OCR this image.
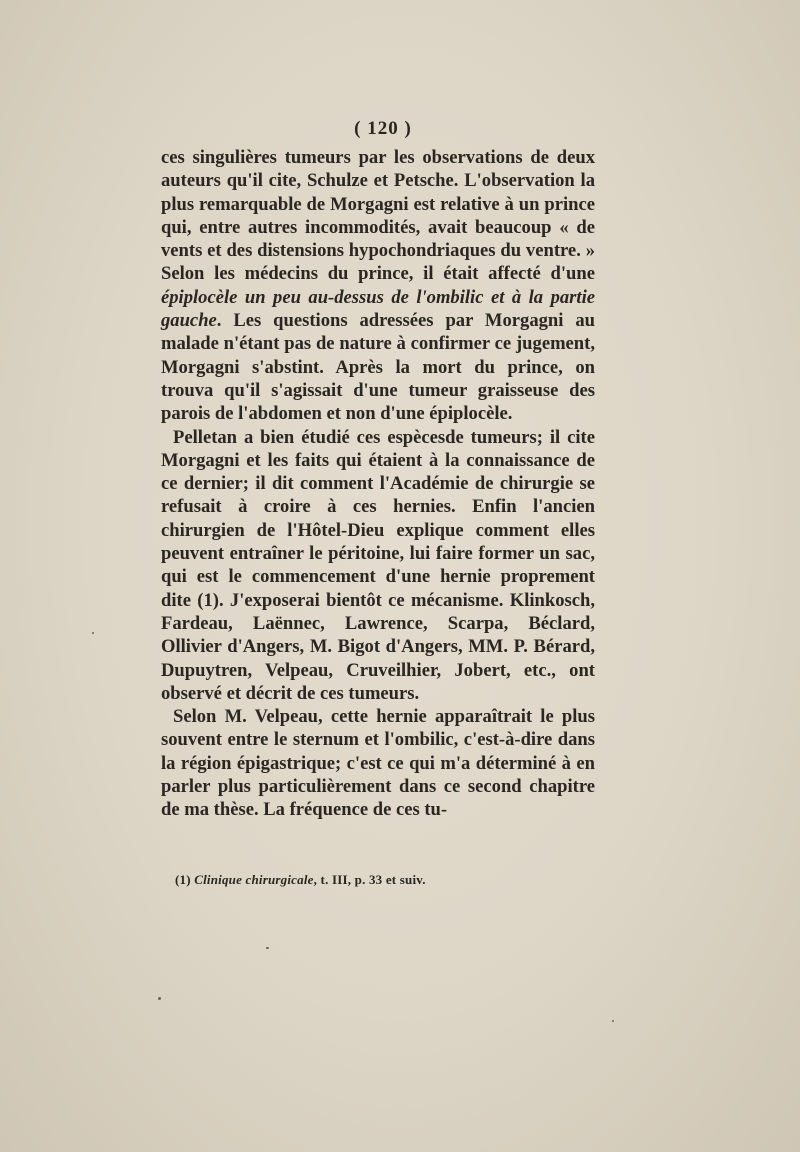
( 120 )

ces singulières tumeurs par les observations de deux auteurs qu'il cite, Schulze et Petsche. L'observation la plus remarquable de Morgagni est relative à un prince qui, entre autres incommodités, avait beaucoup « de vents et des distensions hypochondriaques du ventre. » Selon les médecins du prince, il était affecté d'une épiplocèle un peu au-dessus de l'ombilic et à la partie gauche. Les questions adressées par Morgagni au malade n'étant pas de nature à confirmer ce jugement, Morgagni s'abstint. Après la mort du prince, on trouva qu'il s'agissait d'une tumeur graisseuse des parois de l'abdomen et non d'une épiplocèle.

Pelletan a bien étudié ces espècesde tumeurs; il cite Morgagni et les faits qui étaient à la connaissance de ce dernier; il dit comment l'Académie de chirurgie se refusait à croire à ces hernies. Enfin l'ancien chirurgien de l'Hôtel-Dieu explique comment elles peuvent entraîner le péritoine, lui faire former un sac, qui est le commencement d'une hernie proprement dite (1). J'exposerai bientôt ce mécanisme. Klinkosch, Fardeau, Laënnec, Lawrence, Scarpa, Béclard, Ollivier d'Angers, M. Bigot d'Angers, MM. P. Bérard, Dupuytren, Velpeau, Cruveilhier, Jobert, etc., ont observé et décrit de ces tumeurs.

Selon M. Velpeau, cette hernie apparaîtrait le plus souvent entre le sternum et l'ombilic, c'est-à-dire dans la région épigastrique; c'est ce qui m'a déterminé à en parler plus particulièrement dans ce second chapitre de ma thèse. La fréquence de ces tu-

(1) Clinique chirurgicale, t. III, p. 33 et suiv.
